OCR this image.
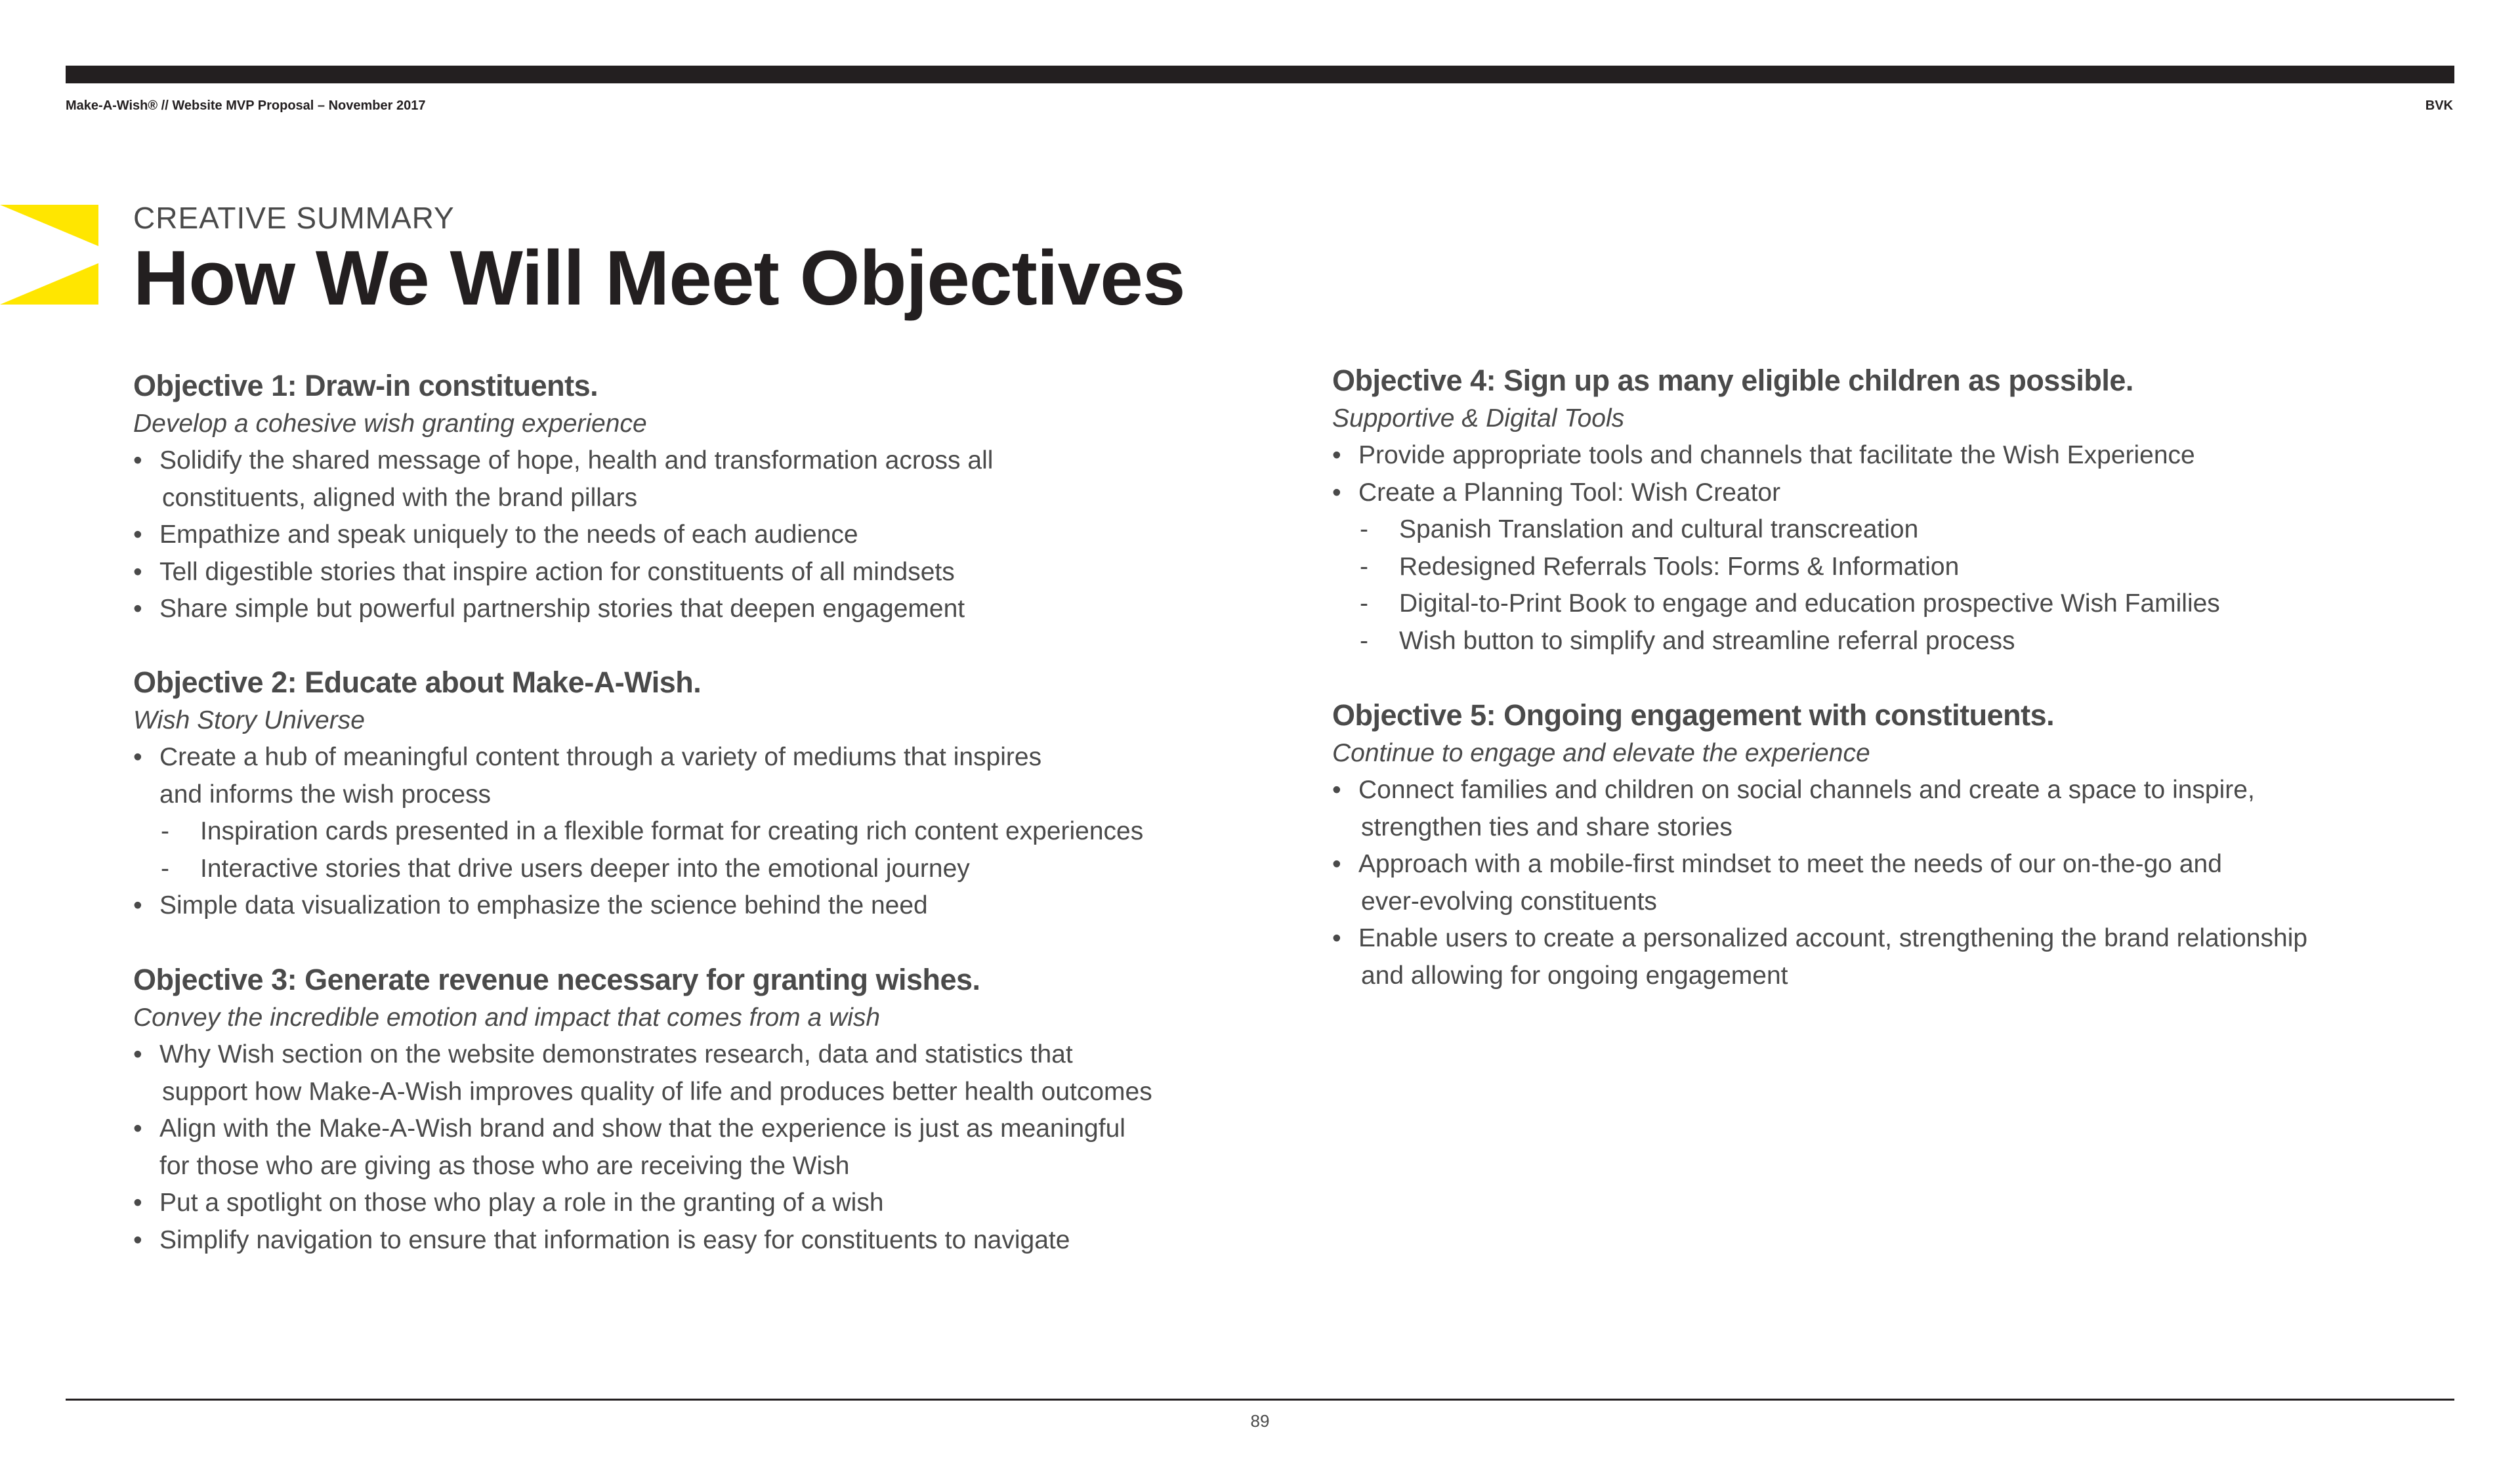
Make-A-Wish® // Website MVP Proposal – November 2017	BVK
CREATIVE SUMMARY
How We Will Meet Objectives
Objective 1: Draw-in constituents.
Develop a cohesive wish granting experience
• Solidify the shared message of hope, health and transformation across all
constituents, aligned with the brand pillars
• Empathize and speak uniquely to the needs of each audience
• Tell digestible stories that inspire action for constituents of all mindsets
• Share simple but powerful partnership stories that deepen engagement
Objective 2: Educate about Make-A-Wish.
Wish Story Universe
• Create a hub of meaningful content through a variety of mediums that inspires
and informs the wish process
-	Inspiration cards presented in a flexible format for creating rich content experiences
-	Interactive stories that drive users deeper into the emotional journey
• Simple data visualization to emphasize the science behind the need
Objective 3: Generate revenue necessary for granting wishes.
Convey the incredible emotion and impact that comes from a wish
• Why Wish section on the website demonstrates research, data and statistics that
support how Make-A-Wish improves quality of life and produces better health outcomes
• Align with the Make-A-Wish brand and show that the experience is just as meaningful
for those who are giving as those who are receiving the Wish
• Put a spotlight on those who play a role in the granting of a wish
• Simplify navigation to ensure that information is easy for constituents to navigate
Objective 4: Sign up as many eligible children as possible.
Supportive & Digital Tools
• Provide appropriate tools and channels that facilitate the Wish Experience
• Create a Planning Tool: Wish Creator
-	Spanish Translation and cultural transcreation
-	Redesigned Referrals Tools: Forms & Information
-	Digital-to-Print Book to engage and education prospective Wish Families
-	Wish button to simplify and streamline referral process
Objective 5: Ongoing engagement with constituents.
Continue to engage and elevate the experience
• Connect families and children on social channels and create a space to inspire,
strengthen ties and share stories
• Approach with a mobile-first mindset to meet the needs of our on-the-go and
ever-evolving constituents
• Enable users to create a personalized account, strengthening the brand relationship
and allowing for ongoing engagement
89
